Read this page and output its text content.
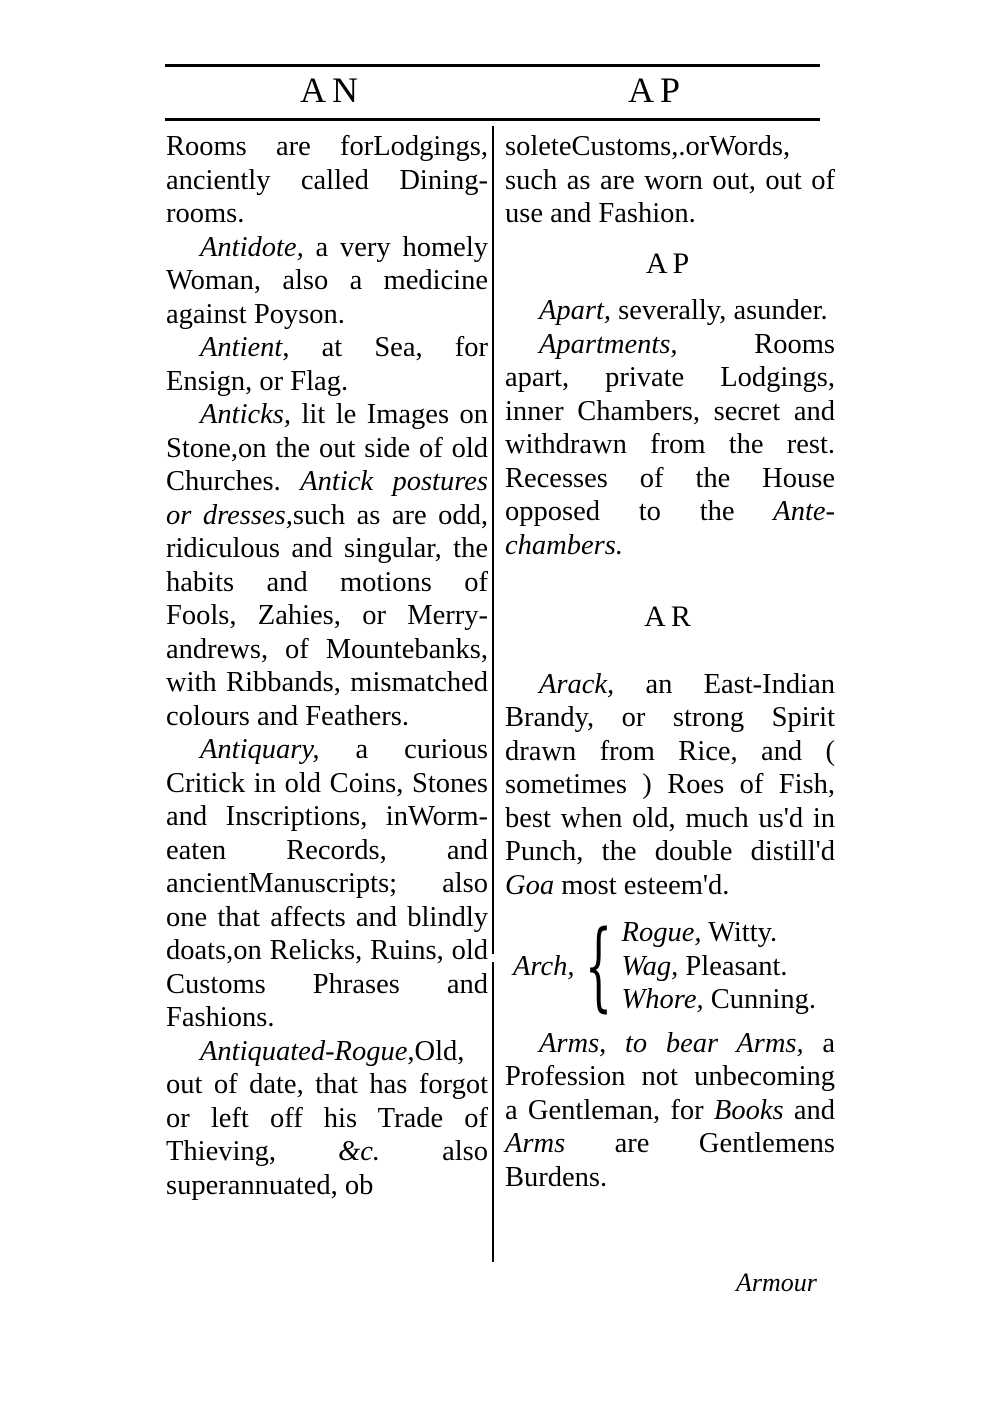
AN	AP

Rooms are forLodgings, anciently called Dining-rooms.

Antidote, a very homely Woman, also a medicine against Poyson.

Antient, at Sea, for Ensign, or Flag.

Anticks, lit le Images on Stone,on the out side of old Churches. Antick postures or dresses,such as are odd, ridiculous and singular, the habits and motions of Fools, Zahies, or Merry-andrews, of Mountebanks, with Ribbands, mismatched colours and Feathers.

Antiquary, a curious Critick in old Coins, Stones and Inscriptions, inWorm-eaten Records, and ancientManuscripts; also one that affects and blindly doats,on Relicks, Ruins, old Customs Phrases and Fashions.

Antiquated-Rogue,Old, out of date, that has forgot or left off his Trade of Thieving, &c. also superannuated, ob

soleteCustoms,.orWords, such as are worn out, out of use and Fashion.

AP

Apart, severally, asunder.

Apartments, Rooms apart, private Lodgings, inner Chambers, secret and withdrawn from the rest. Recesses of the House opposed to the Ante-chambers.

AR

Arack, an East-Indian Brandy, or strong Spirit drawn from Rice, and ( sometimes ) Roes of Fish, best when old, much us'd in Punch, the double distill'd Goa most esteem'd.

Arch, { Rogue, Witty.
Wag, Pleasant.
Whore, Cunning.

Arms, to bear Arms, a Profession not unbecoming a Gentleman, for Books and Arms are Gentlemens Burdens.

Armour
